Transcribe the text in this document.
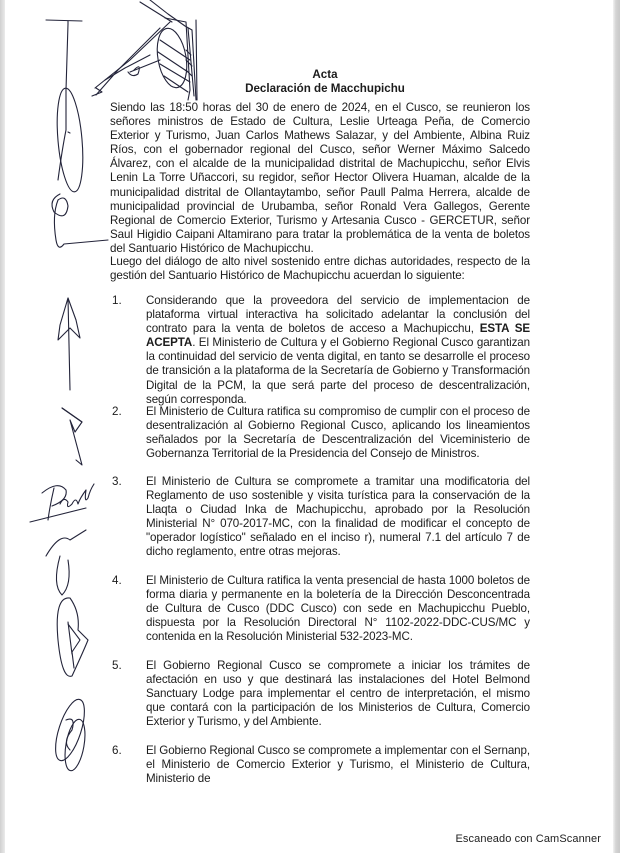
Acta
Declaración de Macchupichu
Siendo las 18:50 horas del 30 de enero de 2024, en el Cusco, se reunieron los señores ministros de Estado de Cultura, Leslie Urteaga Peña, de Comercio Exterior y Turismo, Juan Carlos Mathews Salazar, y del Ambiente, Albina Ruiz Ríos, con el gobernador regional del Cusco, señor Werner Máximo Salcedo Álvarez, con el alcalde de la municipalidad distrital de Machupicchu, señor Elvis Lenin La Torre Uñaccori, su regidor, señor Hector Olivera Huaman, alcalde de la municipalidad distrital de Ollantaytambo, señor Paull Palma Herrera, alcalde de municipalidad provincial de Urubamba, señor Ronald Vera Gallegos, Gerente Regional de Comercio Exterior, Turismo y Artesania Cusco - GERCETUR, señor Saul Higidio Caipani Altamirano para tratar la problemática de la venta de boletos del Santuario Histórico de Machupicchu.
Luego del diálogo de alto nivel sostenido entre dichas autoridades, respecto de la gestión del Santuario Histórico de Machupicchu acuerdan lo siguiente:
1. Considerando que la proveedora del servicio de implementacion de plataforma virtual interactiva ha solicitado adelantar la conclusión del contrato para la venta de boletos de acceso a Machupicchu, ESTA SE ACEPTA. El Ministerio de Cultura y el Gobierno Regional Cusco garantizan la continuidad del servicio de venta digital, en tanto se desarrolle el proceso de transición a la plataforma de la Secretaría de Gobierno y Transformación Digital de la PCM, la que será parte del proceso de descentralización, según corresponda.
2. El Ministerio de Cultura ratifica su compromiso de cumplir con el proceso de desentralización al Gobierno Regional Cusco, aplicando los lineamientos señalados por la Secretaría de Descentralización del Viceministerio de Gobernanza Territorial de la Presidencia del Consejo de Ministros.
3. El Ministerio de Cultura se compromete a tramitar una modificatoria del Reglamento de uso sostenible y visita turística para la conservación de la Llaqta o Ciudad Inka de Machupicchu, aprobado por la Resolución Ministerial N° 070-2017-MC, con la finalidad de modificar el concepto de "operador logístico" señalado en el inciso r), numeral 7.1 del artículo 7 de dicho reglamento, entre otras mejoras.
4. El Ministerio de Cultura ratifica la venta presencial de hasta 1000 boletos de forma diaria y permanente en la boletería de la Dirección Desconcentrada de Cultura de Cusco (DDC Cusco) con sede en Machupicchu Pueblo, dispuesta por la Resolución Directoral N° 1102-2022-DDC-CUS/MC y contenida en la Resolución Ministerial 532-2023-MC.
5. El Gobierno Regional Cusco se compromete a iniciar los trámites de afectación en uso y que destinará las instalaciones del Hotel Belmond Sanctuary Lodge para implementar el centro de interpretación, el mismo que contará con la participación de los Ministerios de Cultura, Comercio Exterior y Turismo, y del Ambiente.
6. El Gobierno Regional Cusco se compromete a implementar con el Sernanp, el Ministerio de Comercio Exterior y Turismo, el Ministerio de Cultura, Ministerio de
Escaneado con CamScanner
